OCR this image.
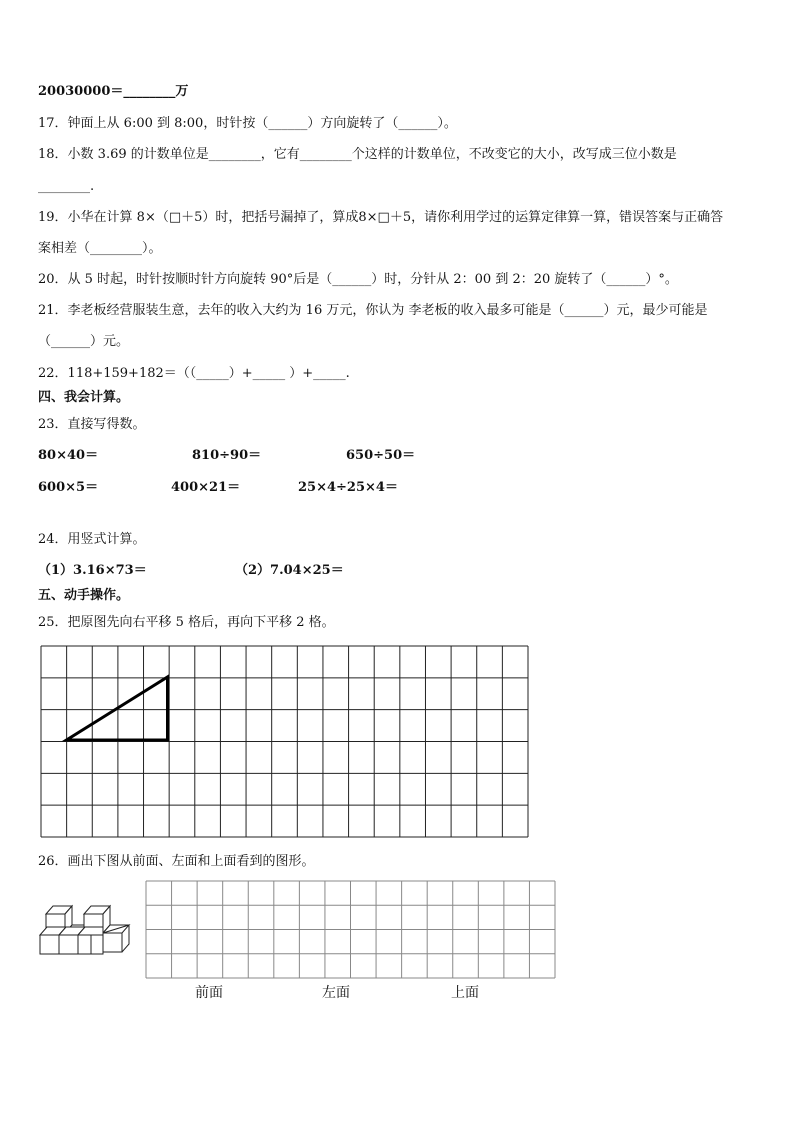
20030000＝________万
17．钟面上从 6:00 到 8:00，时针按（______）方向旋转了（______）。
18．小数 3.69 的计数单位是________，它有________个这样的计数单位，不改变它的大小，改写成三位小数是
________.
19．小华在计算 8×（□＋5）时，把括号漏掉了，算成8×□＋5，请你利用学过的运算定律算一算，错误答案与正确答
案相差（________）。
20．从 5 时起，时针按顺时针方向旋转 90°后是（______）时，分针从 2：00 到 2：20 旋转了（______）°。
21．李老板经营服装生意，去年的收入大约为 16 万元，你认为 李老板的收入最多可能是（______）元，最少可能是
（______）元。
22．118+159+182＝（（_____）+_____ ）+_____.
四、我会计算。
23．直接写得数。
80×40＝	810÷90＝	650÷50＝
600×5＝	400×21＝	25×4÷25×4＝
24．用竖式计算。
（1）3.16×73＝	（2）7.04×25＝
五、动手操作。
25．把原图先向右平移 5 格后，再向下平移 2 格。
26．画出下图从前面、左面和上面看到的图形。
前面	左面	上面
